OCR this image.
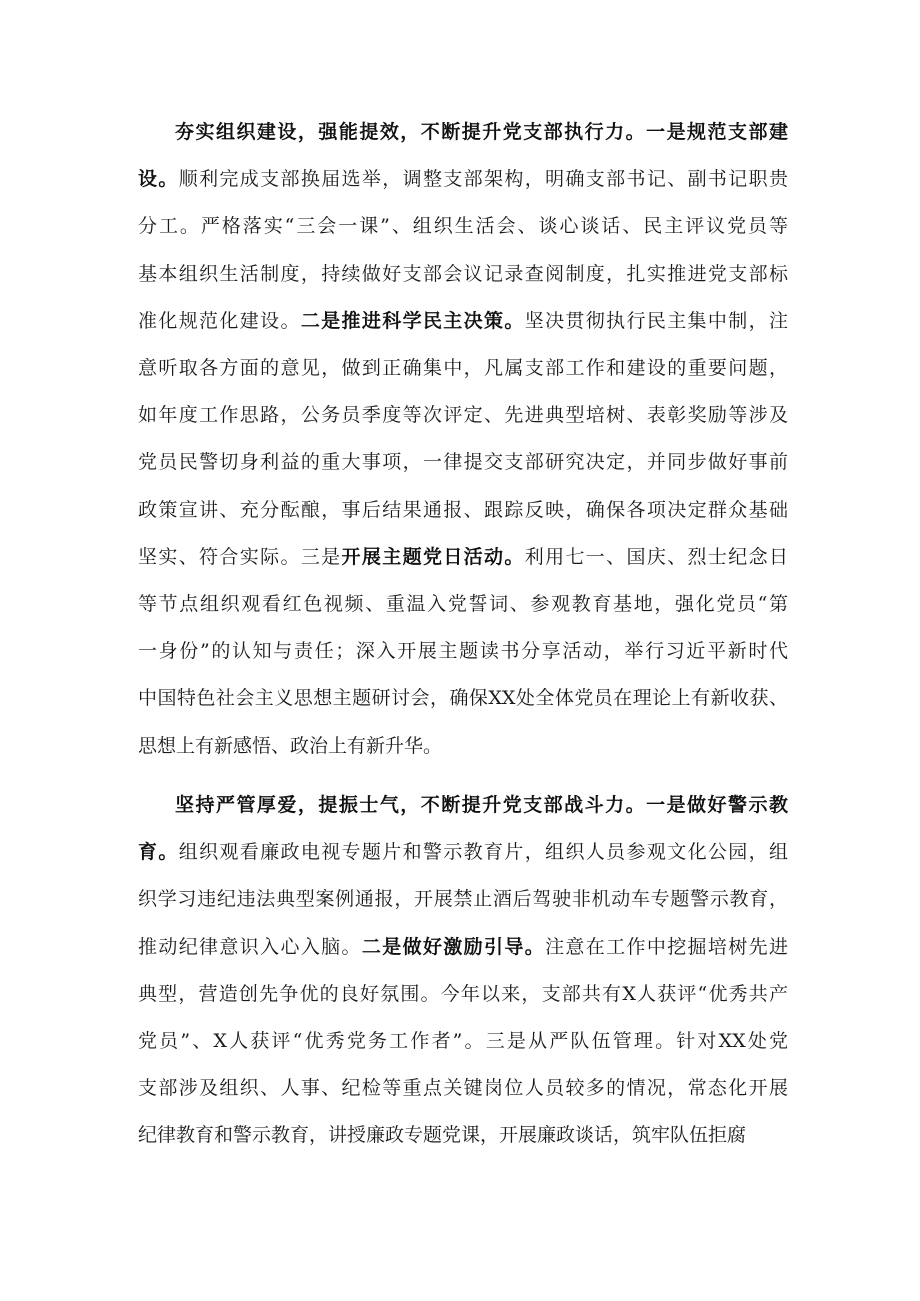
夯实组织建设，强能提效，不断提升党支部执行力。一是规范支部建
设。顺利完成支部换届选举，调整支部架构，明确支部书记、副书记职贵
分工。严格落实“三会一课”、组织生活会、谈心谈话、民主评议党员等
基本组织生活制度，持续做好支部会议记录查阅制度，扎实推进党支部标
准化规范化建设。二是推进科学民主决策。坚决贯彻执行民主集中制，注
意听取各方面的意见，做到正确集中，凡属支部工作和建设的重要问题，
如年度工作思路，公务员季度等次评定、先进典型培树、表彰奖励等涉及
党员民警切身利益的重大事项，一律提交支部研究决定，并同步做好事前
政策宣讲、充分酝酿，事后结果通报、跟踪反映，确保各项决定群众基础
坚实、符合实际。三是开展主题党日活动。利用七一、国庆、烈士纪念日
等节点组织观看红色视频、重温入党誓词、参观教育基地，强化党员“第
一身份”的认知与责任；深入开展主题读书分享活动，举行习近平新时代
中国特色社会主义思想主题研讨会，确保XX处全体党员在理论上有新收获、
思想上有新感悟、政治上有新升华。
坚持严管厚爱，提振士气，不断提升党支部战斗力。一是做好警示教
育。组织观看廉政电视专题片和警示教育片，组织人员参观文化公园，组
织学习违纪违法典型案例通报，开展禁止酒后驾驶非机动车专题警示教育，
推动纪律意识入心入脑。二是做好激励引导。注意在工作中挖掘培树先进
典型，营造创先争优的良好氛围。今年以来，支部共有X人获评“优秀共产
党员”、X人获评“优秀党务工作者”。三是从严队伍管理。针对XX处党
支部涉及组织、人事、纪检等重点关键岗位人员较多的情况，常态化开展
纪律教育和警示教育，讲授廉政专题党课，开展廉政谈话，筑牢队伍拒腐
